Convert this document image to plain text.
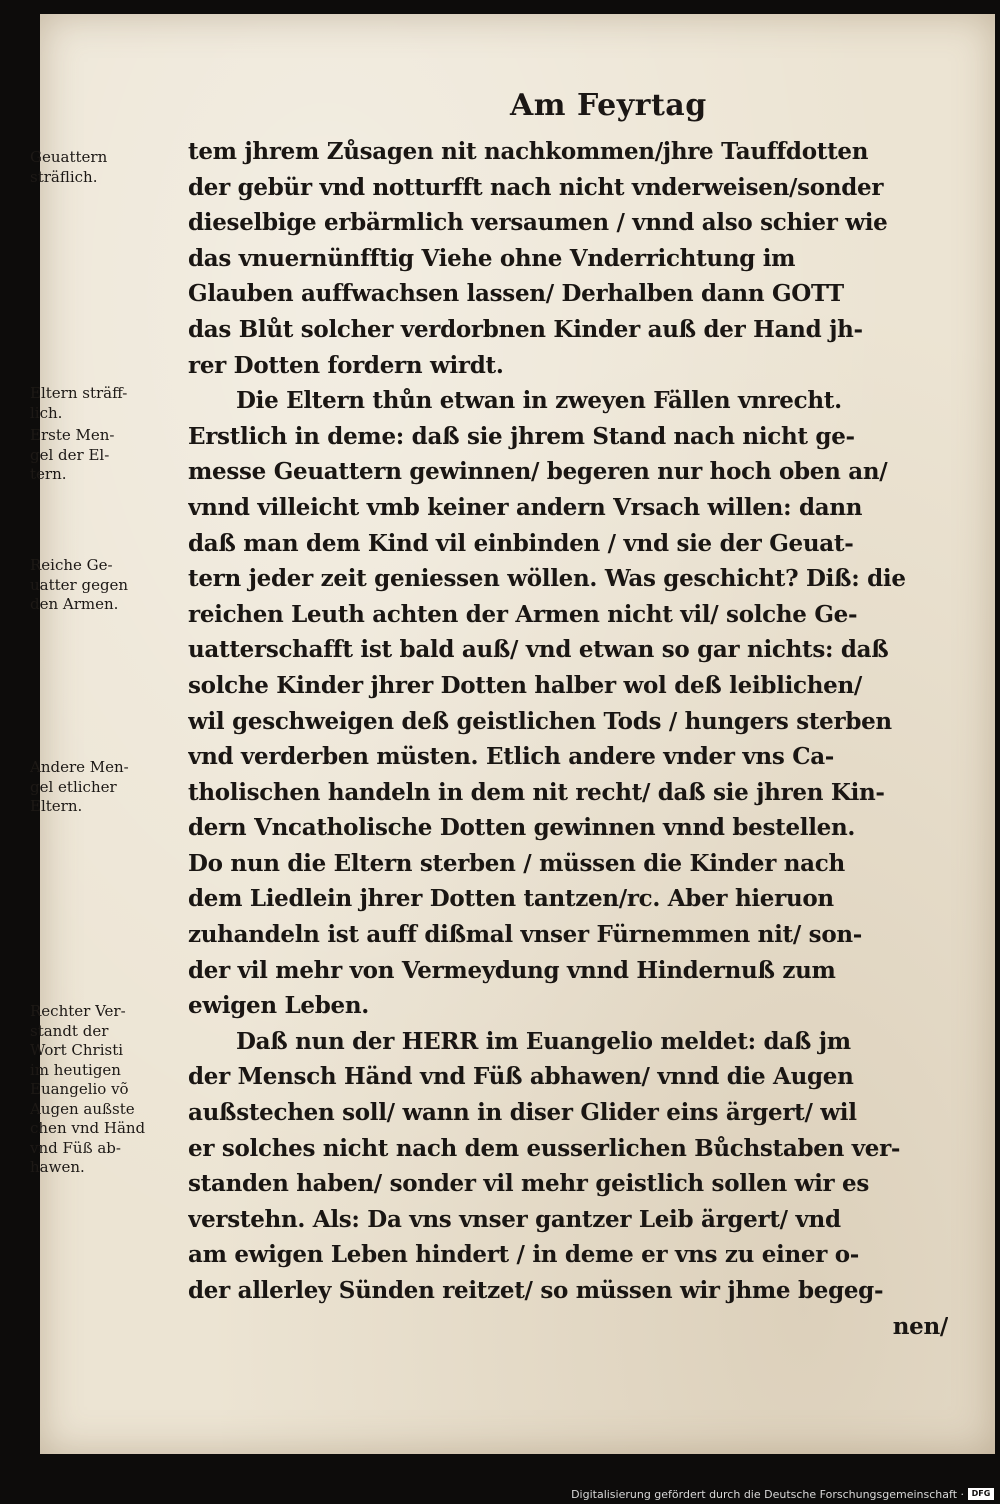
Am Feyrtag
tem jhrem Zůsagen nit nachkommen/jhre Tauffdotten
der gebür vnd notturfft nach nicht vnderweisen/sonder
dieselbige erbärmlich versaumen / vnnd also schier wie
das vnuernünfftig Viehe ohne Vnderrichtung im
Glauben auffwachsen lassen/ Derhalben dann GOTT
das Blůt solcher verdorbnen Kinder auß der Hand jh-
rer Dotten fordern wirdt.
Die Eltern thůn etwan in zweyen Fällen vnrecht.
Erstlich in deme: daß sie jhrem Stand nach nicht ge-
messe Geuattern gewinnen/ begeren nur hoch oben an/
vnnd villeicht vmb keiner andern Vrsach willen: dann
daß man dem Kind vil einbinden / vnd sie der Geuat-
tern jeder zeit geniessen wöllen. Was geschicht? Diß: die
reichen Leuth achten der Armen nicht vil/ solche Ge-
uatterschafft ist bald auß/ vnd etwan so gar nichts: daß
solche Kinder jhrer Dotten halber wol deß leiblichen/
wil geschweigen deß geistlichen Tods / hungers sterben
vnd verderben müsten. Etlich andere vnder vns Ca-
tholischen handeln in dem nit recht/ daß sie jhren Kin-
dern Vncatholische Dotten gewinnen vnnd bestellen.
Do nun die Eltern sterben / müssen die Kinder nach
dem Liedlein jhrer Dotten tantzen/rc. Aber hieruon
zuhandeln ist auff dißmal vnser Fürnemmen nit/ son-
der vil mehr von Vermeydung vnnd Hindernuß zum
ewigen Leben.
Daß nun der HERR im Euangelio meldet: daß jm
der Mensch Händ vnd Füß abhawen/ vnnd die Augen
außstechen soll/ wann in diser Glider eins ärgert/ wil
er solches nicht nach dem eusserlichen Bůchstaben ver-
standen haben/ sonder vil mehr geistlich sollen wir es
verstehn. Als: Da vns vnser gantzer Leib ärgert/ vnd
am ewigen Leben hindert / in deme er vns zu einer o-
der allerley Sünden reitzet/ so müssen wir jhme begeg-
nen/
Geuattern
sträflich.
Eltern sträff-
lich.
Erste Men-
gel der El-
tern.
Reiche Ge-
uatter gegen
den Armen.
Andere Men-
gel etlicher
Eltern.
Rechter Ver-
standt der
Wort Christi
im heutigen
Euangelio võ
Augen außste
chen vnd Händ
vnd Füß ab-
hawen.
Digitalisierung gefördert durch die Deutsche Forschungsgemeinschaft · DFG
